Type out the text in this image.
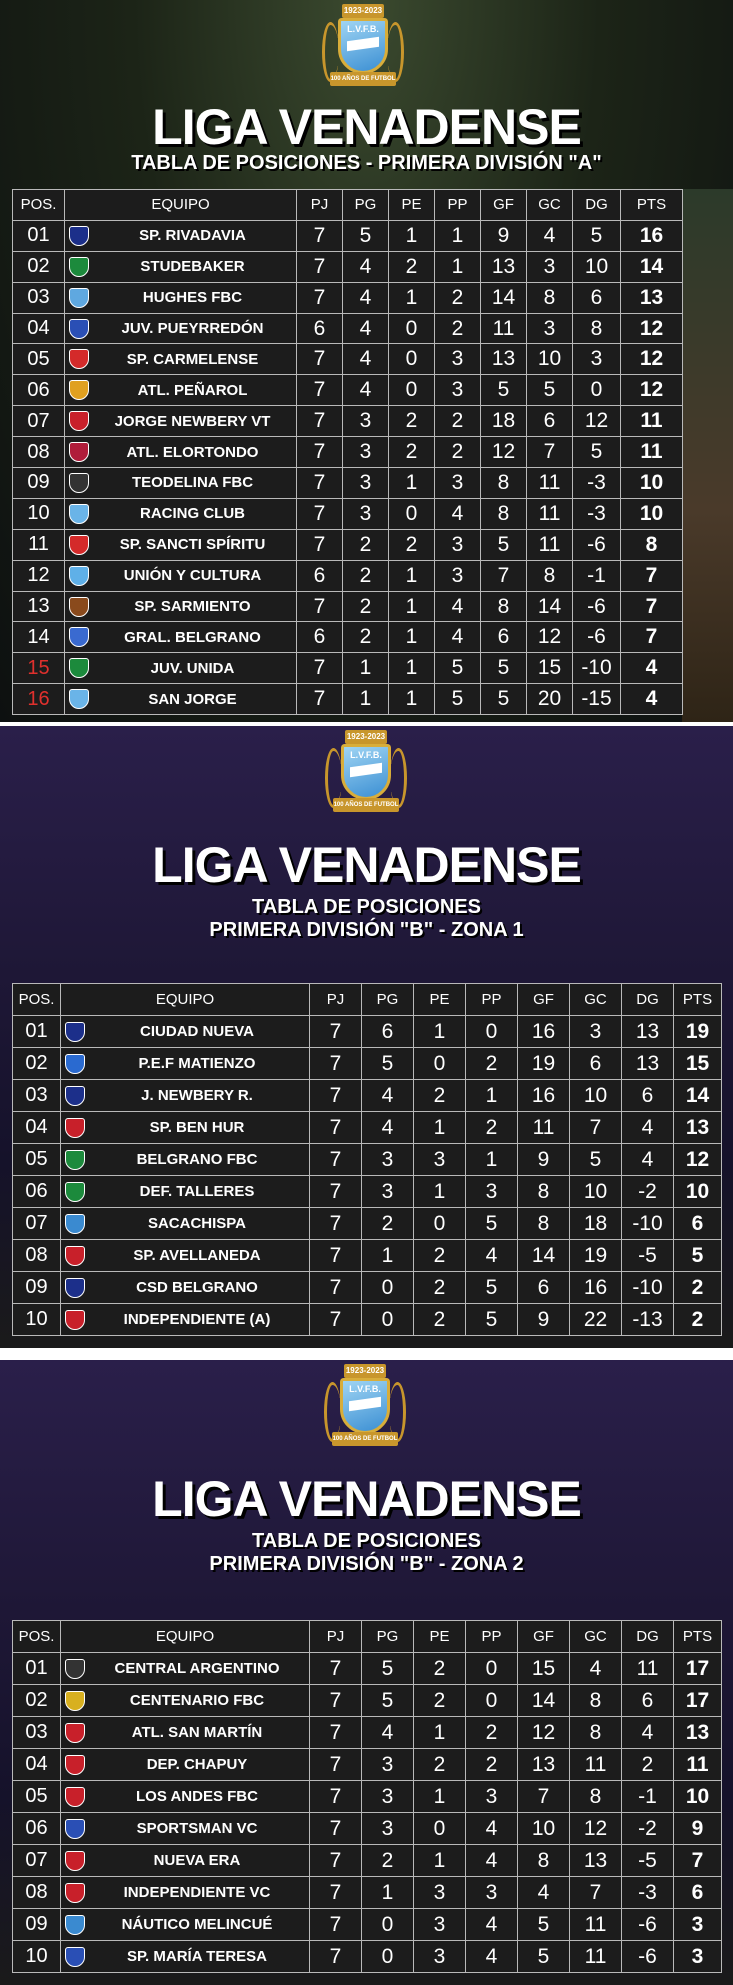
1923-2023
L.V.F.B.
100 AÑOS DE FUTBOL
LIGA VENADENSE
TABLA DE POSICIONES - PRIMERA DIVISIÓN "A"
POS.	EQUIPO	PJ	PG	PE	PP	GF	GC	DG	PTS
01	SP. RIVADAVIA	7	5	1	1	9	4	5	16
02	STUDEBAKER	7	4	2	1	13	3	10	14
03	HUGHES FBC	7	4	1	2	14	8	6	13
04	JUV. PUEYRREDÓN	6	4	0	2	11	3	8	12
05	SP. CARMELENSE	7	4	0	3	13	10	3	12
06	ATL. PEÑAROL	7	4	0	3	5	5	0	12
07	JORGE NEWBERY VT	7	3	2	2	18	6	12	11
08	ATL. ELORTONDO	7	3	2	2	12	7	5	11
09	TEODELINA FBC	7	3	1	3	8	11	-3	10
10	RACING CLUB	7	3	0	4	8	11	-3	10
11	SP. SANCTI SPÍRITU	7	2	2	3	5	11	-6	8
12	UNIÓN Y CULTURA	6	2	1	3	7	8	-1	7
13	SP. SARMIENTO	7	2	1	4	8	14	-6	7
14	GRAL. BELGRANO	6	2	1	4	6	12	-6	7
15	JUV. UNIDA	7	1	1	5	5	15	-10	4
16	SAN JORGE	7	1	1	5	5	20	-15	4
1923-2023
L.V.F.B.
100 AÑOS DE FUTBOL
LIGA VENADENSE
TABLA DE POSICIONES
PRIMERA DIVISIÓN "B" - ZONA 1
POS.	EQUIPO	PJ	PG	PE	PP	GF	GC	DG	PTS
01	CIUDAD NUEVA	7	6	1	0	16	3	13	19
02	P.E.F MATIENZO	7	5	0	2	19	6	13	15
03	J. NEWBERY R.	7	4	2	1	16	10	6	14
04	SP. BEN HUR	7	4	1	2	11	7	4	13
05	BELGRANO FBC	7	3	3	1	9	5	4	12
06	DEF. TALLERES	7	3	1	3	8	10	-2	10
07	SACACHISPA	7	2	0	5	8	18	-10	6
08	SP. AVELLANEDA	7	1	2	4	14	19	-5	5
09	CSD BELGRANO	7	0	2	5	6	16	-10	2
10	INDEPENDIENTE (A)	7	0	2	5	9	22	-13	2
1923-2023
L.V.F.B.
100 AÑOS DE FUTBOL
LIGA VENADENSE
TABLA DE POSICIONES
PRIMERA DIVISIÓN "B" - ZONA 2
POS.	EQUIPO	PJ	PG	PE	PP	GF	GC	DG	PTS
01	CENTRAL ARGENTINO	7	5	2	0	15	4	11	17
02	CENTENARIO FBC	7	5	2	0	14	8	6	17
03	ATL. SAN MARTÍN	7	4	1	2	12	8	4	13
04	DEP. CHAPUY	7	3	2	2	13	11	2	11
05	LOS ANDES FBC	7	3	1	3	7	8	-1	10
06	SPORTSMAN VC	7	3	0	4	10	12	-2	9
07	NUEVA ERA	7	2	1	4	8	13	-5	7
08	INDEPENDIENTE VC	7	1	3	3	4	7	-3	6
09	NÁUTICO MELINCUÉ	7	0	3	4	5	11	-6	3
10	SP. MARÍA TERESA	7	0	3	4	5	11	-6	3
